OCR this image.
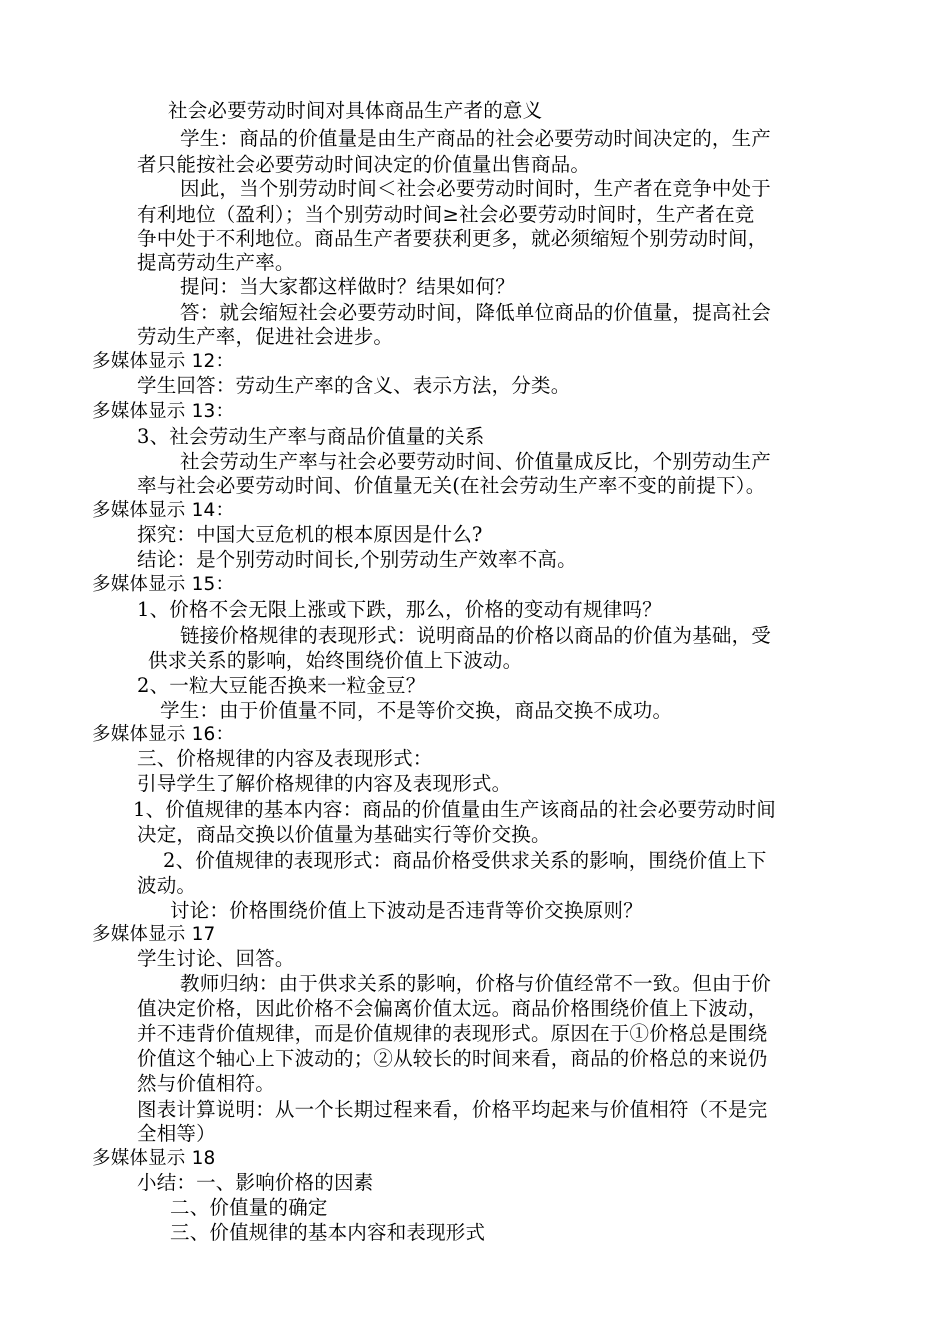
社会必要劳动时间对具体商品生产者的意义
学生：商品的价值量是由生产商品的社会必要劳动时间决定的，生产
者只能按社会必要劳动时间决定的价值量出售商品。
因此，当个别劳动时间＜社会必要劳动时间时，生产者在竞争中处于
有利地位（盈利）；当个别劳动时间≥社会必要劳动时间时，生产者在竞
争中处于不利地位。商品生产者要获利更多，就必须缩短个别劳动时间，
提高劳动生产率。
提问：当大家都这样做时？结果如何？
答：就会缩短社会必要劳动时间，降低单位商品的价值量，提高社会
劳动生产率，促进社会进步。
多媒体显示 12：
学生回答：劳动生产率的含义、表示方法，分类。
多媒体显示 13：
3、社会劳动生产率与商品价值量的关系
社会劳动生产率与社会必要劳动时间、价值量成反比，个别劳动生产
率与社会必要劳动时间、价值量无关(在社会劳动生产率不变的前提下）。
多媒体显示 14：
探究：中国大豆危机的根本原因是什么?
结论：是个别劳动时间长,个别劳动生产效率不高。
多媒体显示 15：
1、价格不会无限上涨或下跌，那么，价格的变动有规律吗？
链接价格规律的表现形式：说明商品的价格以商品的价值为基础，受
供求关系的影响，始终围绕价值上下波动。
2、一粒大豆能否换来一粒金豆？
学生：由于价值量不同，不是等价交换，商品交换不成功。
多媒体显示 16：
三、价格规律的内容及表现形式：
引导学生了解价格规律的内容及表现形式。
1、价值规律的基本内容：商品的价值量由生产该商品的社会必要劳动时间
决定，商品交换以价值量为基础实行等价交换。
2、价值规律的表现形式：商品价格受供求关系的影响，围绕价值上下
波动。
讨论：价格围绕价值上下波动是否违背等价交换原则？
多媒体显示 17
学生讨论、回答。
教师归纳：由于供求关系的影响，价格与价值经常不一致。但由于价
值决定价格，因此价格不会偏离价值太远。商品价格围绕价值上下波动，
并不违背价值规律，而是价值规律的表现形式。原因在于①价格总是围绕
价值这个轴心上下波动的；②从较长的时间来看，商品的价格总的来说仍
然与价值相符。
图表计算说明：从一个长期过程来看，价格平均起来与价值相符（不是完
全相等）
多媒体显示 18
小结：一、影响价格的因素
二、价值量的确定
三、价值规律的基本内容和表现形式
